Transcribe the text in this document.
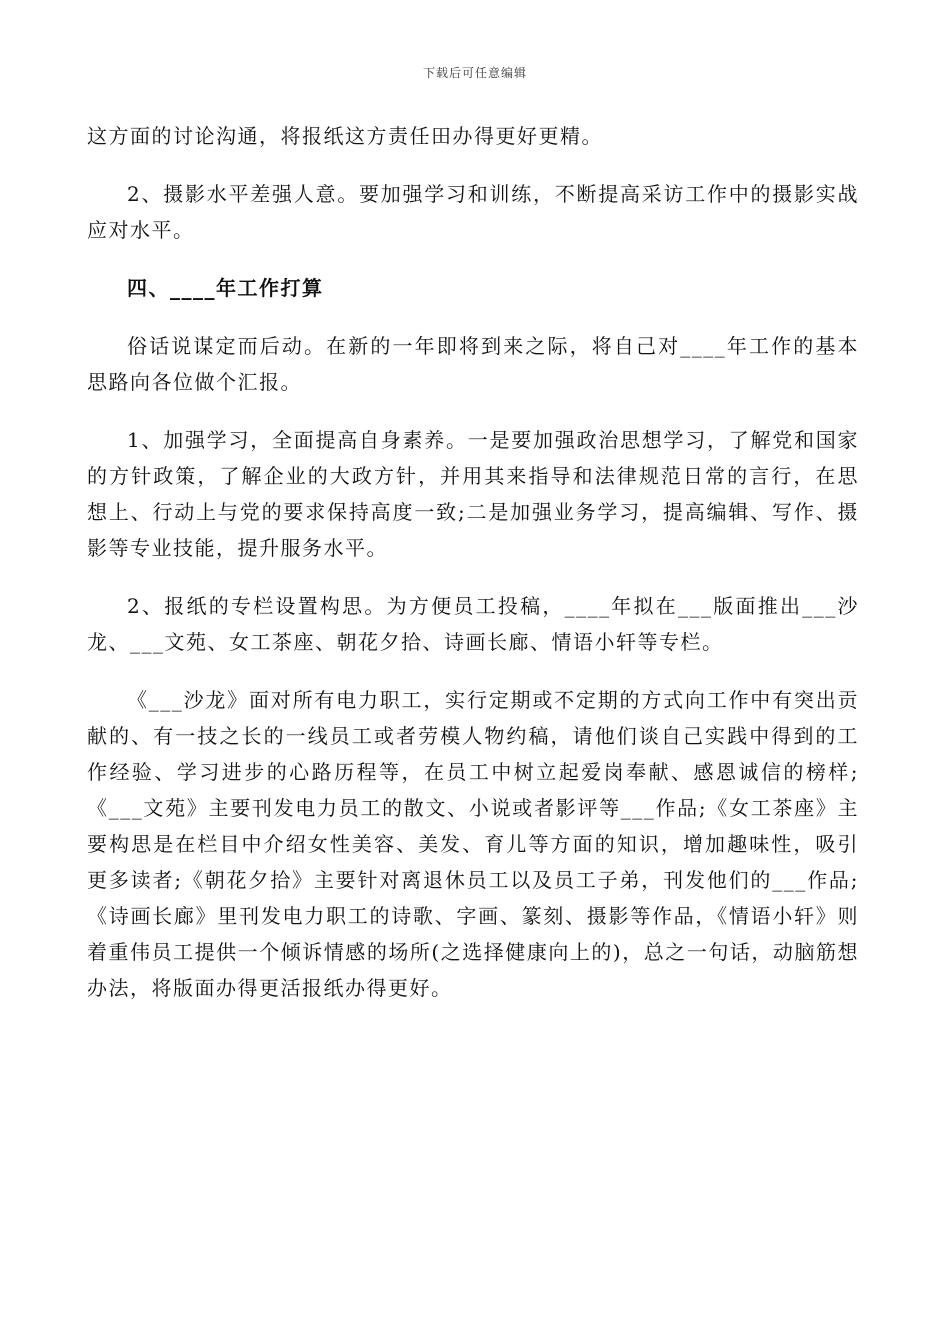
下载后可任意编辑

这方面的讨论沟通，将报纸这方责任田办得更好更精。

2、摄影水平差强人意。要加强学习和训练，不断提高采访工作中的摄影实战应对水平。

四、____年工作打算

俗话说谋定而后动。在新的一年即将到来之际，将自己对____年工作的基本思路向各位做个汇报。

1、加强学习，全面提高自身素养。一是要加强政治思想学习，了解党和国家的方针政策，了解企业的大政方针，并用其来指导和法律规范日常的言行，在思想上、行动上与党的要求保持高度一致;二是加强业务学习，提高编辑、写作、摄影等专业技能，提升服务水平。

2、报纸的专栏设置构思。为方便员工投稿，____年拟在___版面推出___沙龙、___文苑、女工茶座、朝花夕拾、诗画长廊、情语小轩等专栏。

《___沙龙》面对所有电力职工，实行定期或不定期的方式向工作中有突出贡献的、有一技之长的一线员工或者劳模人物约稿，请他们谈自己实践中得到的工作经验、学习进步的心路历程等，在员工中树立起爱岗奉献、感恩诚信的榜样;《___文苑》主要刊发电力员工的散文、小说或者影评等___作品;《女工茶座》主要构思是在栏目中介绍女性美容、美发、育儿等方面的知识，增加趣味性，吸引更多读者;《朝花夕拾》主要针对离退休员工以及员工子弟，刊发他们的___作品;《诗画长廊》里刊发电力职工的诗歌、字画、篆刻、摄影等作品，《情语小轩》则着重伟员工提供一个倾诉情感的场所(之选择健康向上的)，总之一句话，动脑筋想办法，将版面办得更活报纸办得更好。
